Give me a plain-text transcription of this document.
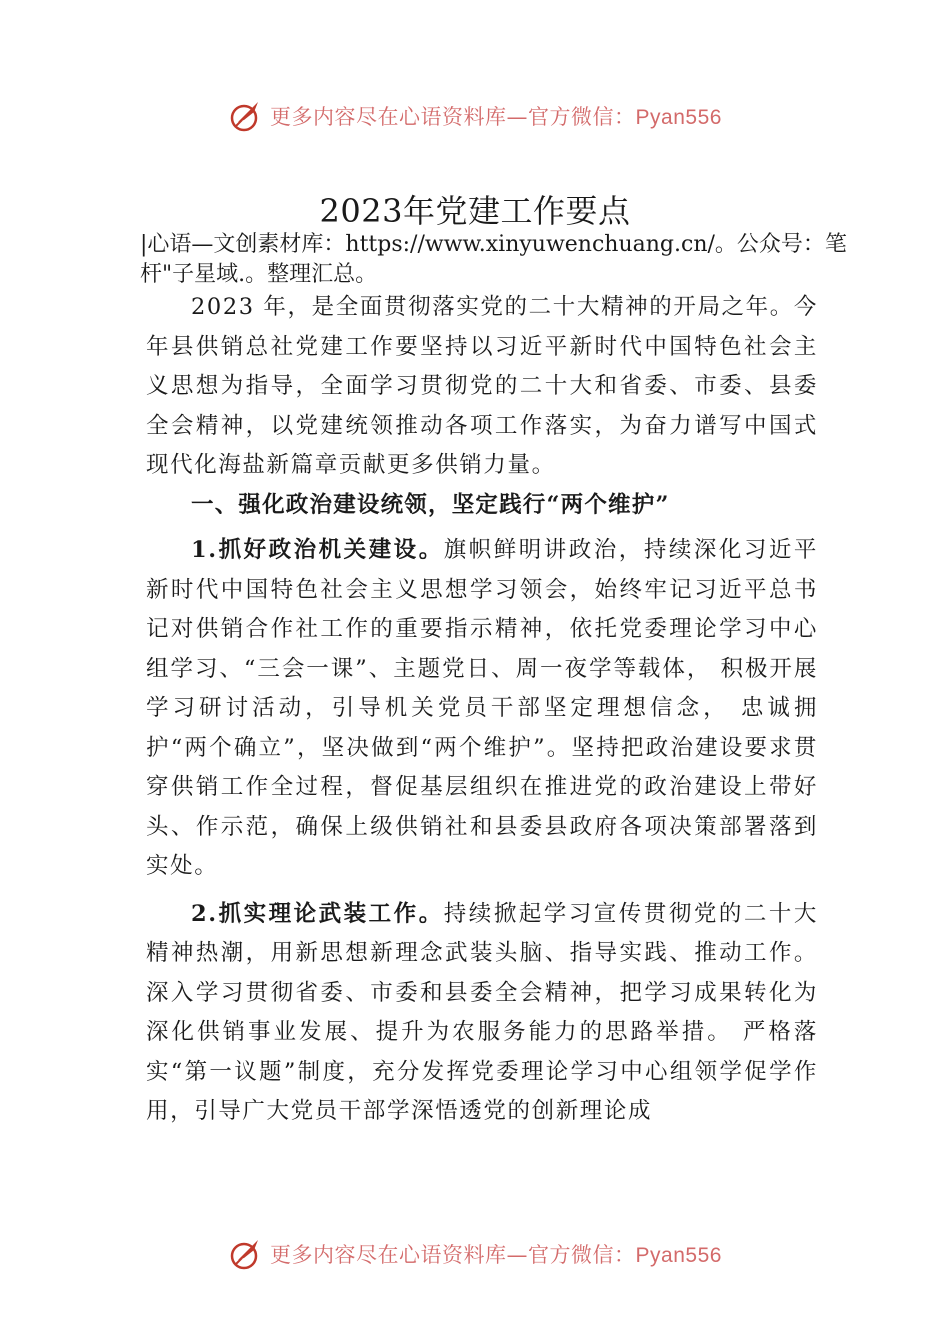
更多内容尽在心语资料库—官方微信：Pyan556
2023年党建工作要点
|心语—文创素材库：https://www.xinyuwenchuang.cn/。公众号：笔杆"子星域.。整理汇总。

2023 年，是全面贯彻落实党的二十大精神的开局之年。今年县供销总社党建工作要坚持以习近平新时代中国特色社会主义思想为指导，全面学习贯彻党的二十大和省委、市委、县委全会精神，以党建统领推动各项工作落实，为奋力谱写中国式现代化海盐新篇章贡献更多供销力量。

一、强化政治建设统领，坚定践行“两个维护”

1.抓好政治机关建设。旗帜鲜明讲政治，持续深化习近平新时代中国特色社会主义思想学习领会，始终牢记习近平总书记对供销合作社工作的重要指示精神，依托党委理论学习中心组学习、“三会一课”、主题党日、周一夜学等载体， 积极开展学习研讨活动，引导机关党员干部坚定理想信念， 忠诚拥护“两个确立”，坚决做到“两个维护”。坚持把政治建设要求贯穿供销工作全过程，督促基层组织在推进党的政治建设上带好头、作示范，确保上级供销社和县委县政府各项决策部署落到实处。

2.抓实理论武装工作。持续掀起学习宣传贯彻党的二十大精神热潮，用新思想新理念武装头脑、指导实践、推动工作。深入学习贯彻省委、市委和县委全会精神，把学习成果转化为深化供销事业发展、提升为农服务能力的思路举措。 严格落实“第一议题”制度，充分发挥党委理论学习中心组领学促学作用，引导广大党员干部学深悟透党的创新理论成

更多内容尽在心语资料库—官方微信：Pyan556
